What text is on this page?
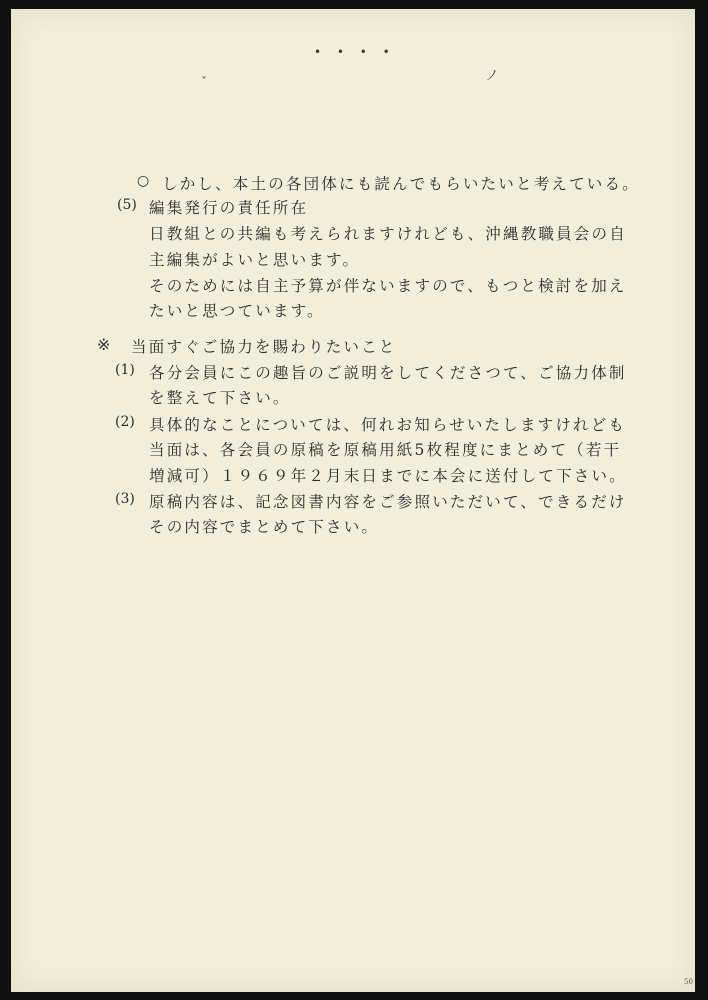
• • • •
ノ
ˇ
○ しかし、本土の各団体にも読んでもらいたいと考えている。
(5) 編集発行の責任所在
日教組との共編も考えられますけれども、沖縄教職員会の自
主編集がよいと思います。
そのためには自主予算が伴ないますので、もつと検討を加え
たいと思つています。
※ 当面すぐご協力を賜わりたいこと
(1) 各分会員にこの趣旨のご説明をしてくださつて、ご協力体制
を整えて下さい。
(2) 具体的なことについては、何れお知らせいたしますけれども
当面は、各会員の原稿を原稿用紙5枚程度にまとめて（若干
増減可）１９６９年２月末日までに本会に送付して下さい。
(3) 原稿内容は、記念図書内容をご参照いただいて、できるだけ
その内容でまとめて下さい。
50
